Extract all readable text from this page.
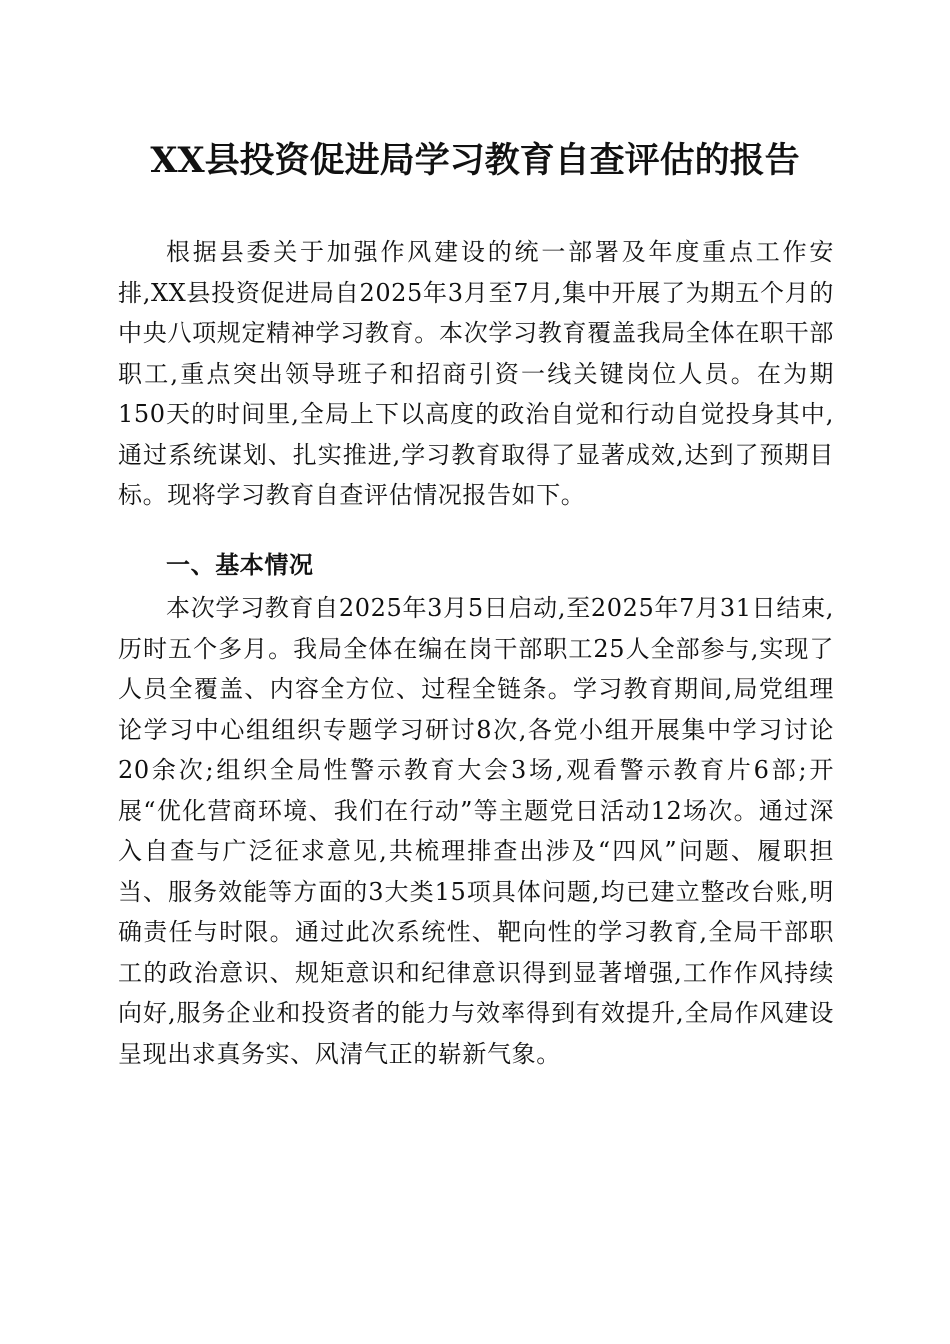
XX县投资促进局学习教育自查评估的报告

根据县委关于加强作风建设的统一部署及年度重点工作安排,XX县投资促进局自2025年3月至7月,集中开展了为期五个月的中央八项规定精神学习教育。本次学习教育覆盖我局全体在职干部职工,重点突出领导班子和招商引资一线关键岗位人员。在为期150天的时间里,全局上下以高度的政治自觉和行动自觉投身其中,通过系统谋划、扎实推进,学习教育取得了显著成效,达到了预期目标。现将学习教育自查评估情况报告如下。

一、基本情况

本次学习教育自2025年3月5日启动,至2025年7月31日结束,历时五个多月。我局全体在编在岗干部职工25人全部参与,实现了人员全覆盖、内容全方位、过程全链条。学习教育期间,局党组理论学习中心组组织专题学习研讨8次,各党小组开展集中学习讨论20余次;组织全局性警示教育大会3场,观看警示教育片6部;开展“优化营商环境、我们在行动”等主题党日活动12场次。通过深入自查与广泛征求意见,共梳理排查出涉及“四风”问题、履职担当、服务效能等方面的3大类15项具体问题,均已建立整改台账,明确责任与时限。通过此次系统性、靶向性的学习教育,全局干部职工的政治意识、规矩意识和纪律意识得到显著增强,工作作风持续向好,服务企业和投资者的能力与效率得到有效提升,全局作风建设呈现出求真务实、风清气正的崭新气象。
